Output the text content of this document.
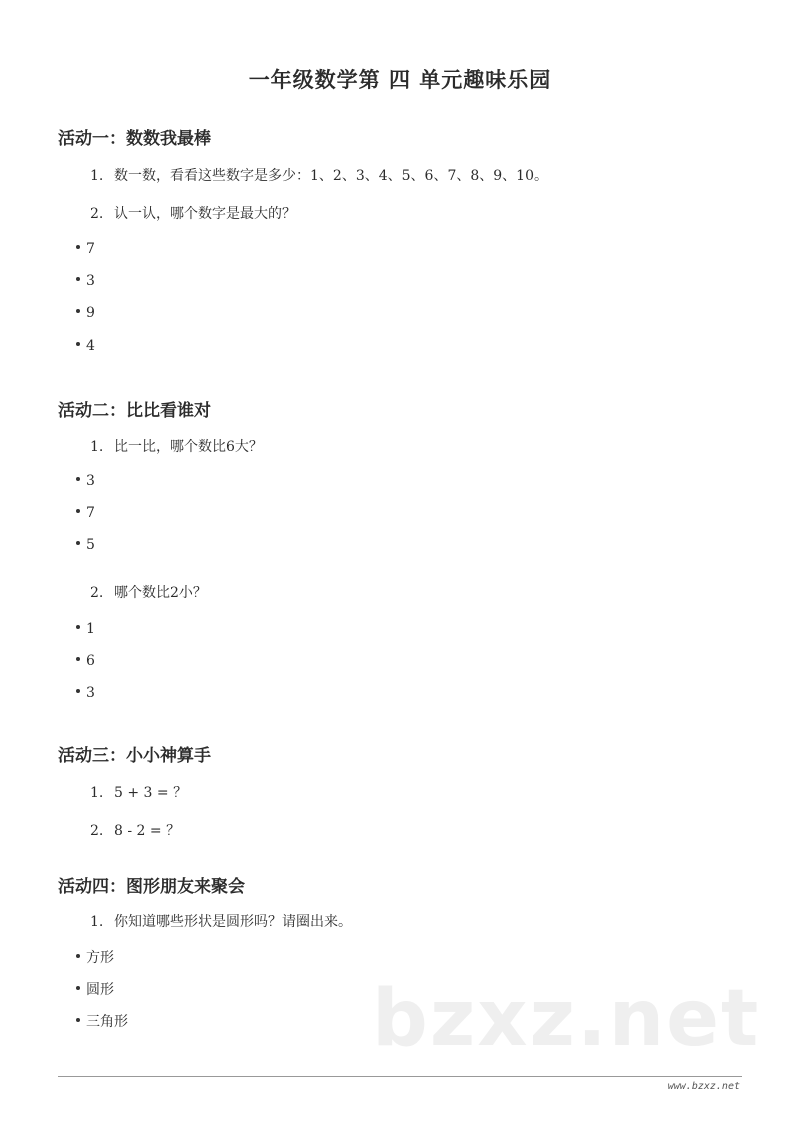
一年级数学第 四 单元趣味乐园
活动一：数数我最棒
1. 数一数，看看这些数字是多少：1、2、3、4、5、6、7、8、9、10。
2. 认一认，哪个数字是最大的？
7
3
9
4
活动二：比比看谁对
1. 比一比，哪个数比6大？
3
7
5
2. 哪个数比2小？
1
6
3
活动三：小小神算手
1. 5 + 3 = ？
2. 8 - 2 = ？
活动四：图形朋友来聚会
1. 你知道哪些形状是圆形吗？请圈出来。
方形
圆形
三角形	bzxz.net
www.bzxz.net
